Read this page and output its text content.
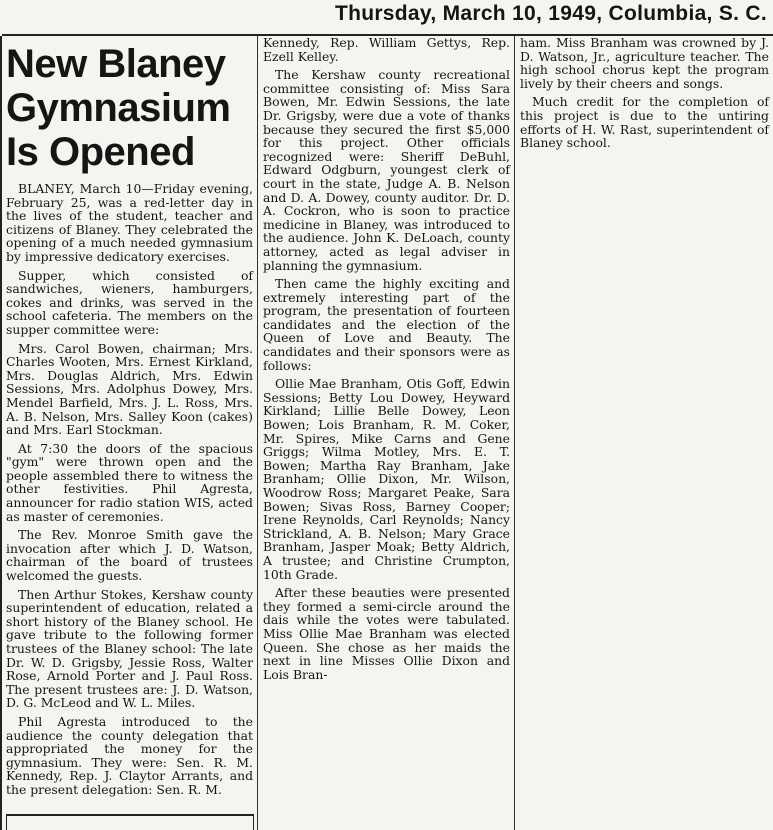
Thursday, March 10, 1949, Columbia, S. C.
New Blaney
Gymnasium
Is Opened

BLANEY, March 10—Friday evening, February 25, was a red-letter day in the lives of the student, teacher and citizens of Blaney. They celebrated the opening of a much needed gymnasium by impressive dedicatory exercises.

Supper, which consisted of sandwiches, wieners, hamburgers, cokes and drinks, was served in the school cafeteria. The members on the supper committee were:

Mrs. Carol Bowen, chairman; Mrs. Charles Wooten, Mrs. Ernest Kirkland, Mrs. Douglas Aldrich, Mrs. Edwin Sessions, Mrs. Adolphus Dowey, Mrs. Mendel Barfield, Mrs. J. L. Ross, Mrs. A. B. Nelson, Mrs. Salley Koon (cakes) and Mrs. Earl Stockman.

At 7:30 the doors of the spacious "gym" were thrown open and the people assembled there to witness the other festivities. Phil Agresta, announcer for radio station WIS, acted as master of ceremonies.

The Rev. Monroe Smith gave the invocation after which J. D. Watson, chairman of the board of trustees welcomed the guests.

Then Arthur Stokes, Kershaw county superintendent of education, related a short history of the Blaney school. He gave tribute to the following former trustees of the Blaney school: The late Dr. W. D. Grigsby, Jessie Ross, Walter Rose, Arnold Porter and J. Paul Ross. The present trustees are: J. D. Watson, D. G. McLeod and W. L. Miles.

Phil Agresta introduced to the audience the county delegation that appropriated the money for the gymnasium. They were: Sen. R. M. Kennedy, Rep. J. Claytor Arrants, and the present delegation: Sen. R. M.

Kennedy, Rep. William Gettys, Rep. Ezell Kelley.

The Kershaw county recreational committee consisting of: Miss Sara Bowen, Mr. Edwin Sessions, the late Dr. Grigsby, were due a vote of thanks because they secured the first $5,000 for this project. Other officials recognized were: Sheriff DeBuhl, Edward Odgburn, youngest clerk of court in the state, Judge A. B. Nelson and D. A. Dowey, county auditor. Dr. D. A. Cockron, who is soon to practice medicine in Blaney, was introduced to the audience. John K. DeLoach, county attorney, acted as legal adviser in planning the gymnasium.

Then came the highly exciting and extremely interesting part of the program, the presentation of fourteen candidates and the election of the Queen of Love and Beauty. The candidates and their sponsors were as follows:

Ollie Mae Branham, Otis Goff, Edwin Sessions; Betty Lou Dowey, Heyward Kirkland; Lillie Belle Dowey, Leon Bowen; Lois Branham, R. M. Coker, Mr. Spires, Mike Carns and Gene Griggs; Wilma Motley, Mrs. E. T. Bowen; Martha Ray Branham, Jake Branham; Ollie Dixon, Mr. Wilson, Woodrow Ross; Margaret Peake, Sara Bowen; Sivas Ross, Barney Cooper; Irene Reynolds, Carl Reynolds; Nancy Strickland, A. B. Nelson; Mary Grace Branham, Jasper Moak; Betty Aldrich, A trustee; and Christine Crumpton, 10th Grade.

After these beauties were presented they formed a semi-circle around the dais while the votes were tabulated. Miss Ollie Mae Branham was elected Queen. She chose as her maids the next in line Misses Ollie Dixon and Lois Bran-

ham. Miss Branham was crowned by J. D. Watson, Jr., agriculture teacher. The high school chorus kept the program lively by their cheers and songs.

Much credit for the completion of this project is due to the untiring efforts of H. W. Rast, superintendent of Blaney school.
